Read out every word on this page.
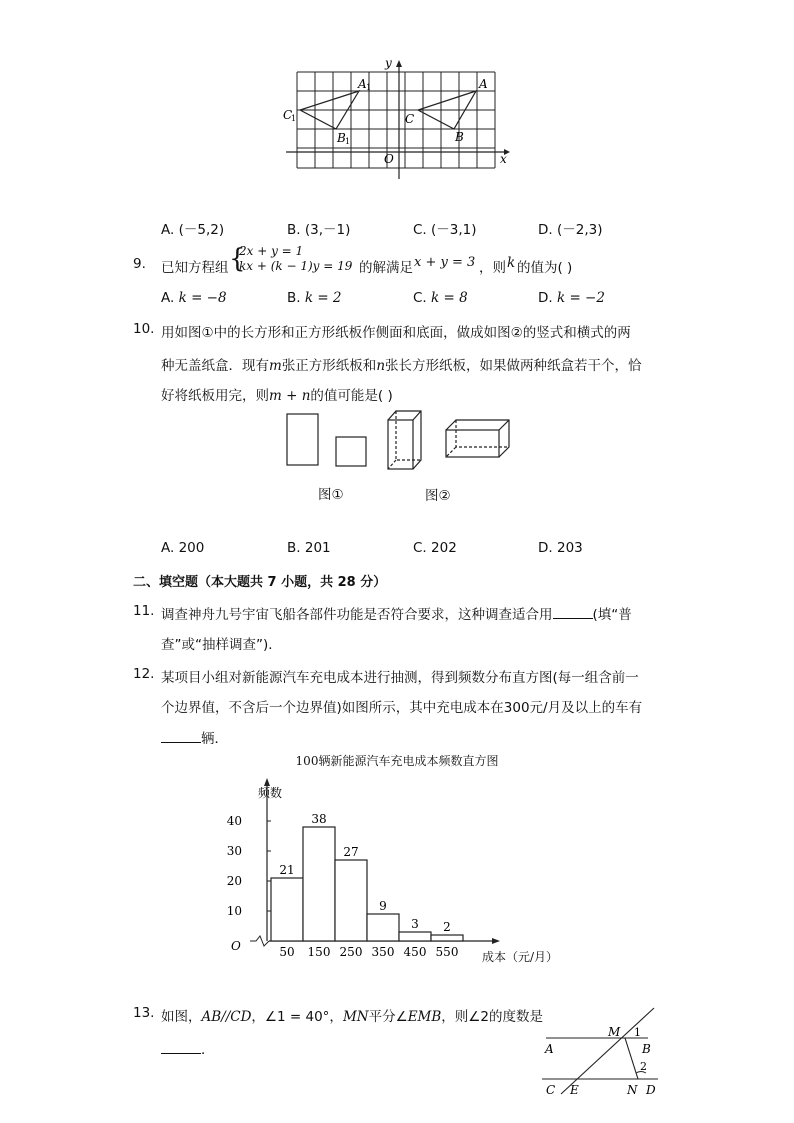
y
x
O
A 1
C
1
B 1
A
B
C
A. (－5,2)	B. (3,－1)	C. (－3,1)	D. (－2,3)
9. 已知方程组 {
2x + y = 1
kx + (k − 1)y = 19 的解满足 x + y = 3 ，则 k 的值为( )
A. k = −8	B. k = 2	C. k = 8	D. k = −2
10. 用如图①中的长方形和正方形纸板作侧面和底面，做成如图②的竖式和横式的两
种无盖纸盒．现有m张正方形纸板和n张长方形纸板，如果做两种纸盒若干个，恰
好将纸板用完，则m + n的值可能是( )
图①	图②
A. 200	B. 201	C. 202	D. 203
二、填空题（本大题共 7 小题，共 28 分）
11. 调查神舟九号宇宙飞船各部件功能是否符合要求，这种调查适合用	(填“普
查”或“抽样调查”)．
12. 某项目小组对新能源汽车充电成本进行抽测，得到频数分布直方图(每一组含前一
个边界值，不含后一个边界值)如图所示，其中充电成本在300元/月及以上的车有
辆．
100辆新能源汽车充电成本频数直方图
频数
O
10
20
30
40
21
38
27
9
3 2
50 150 250 350 450 550 成本（元/月）
13. 如图，AB//CD，∠1 = 40°，MN平分∠EMB，则∠2的度数是
．
M 1
A	B
2
C E	N D
